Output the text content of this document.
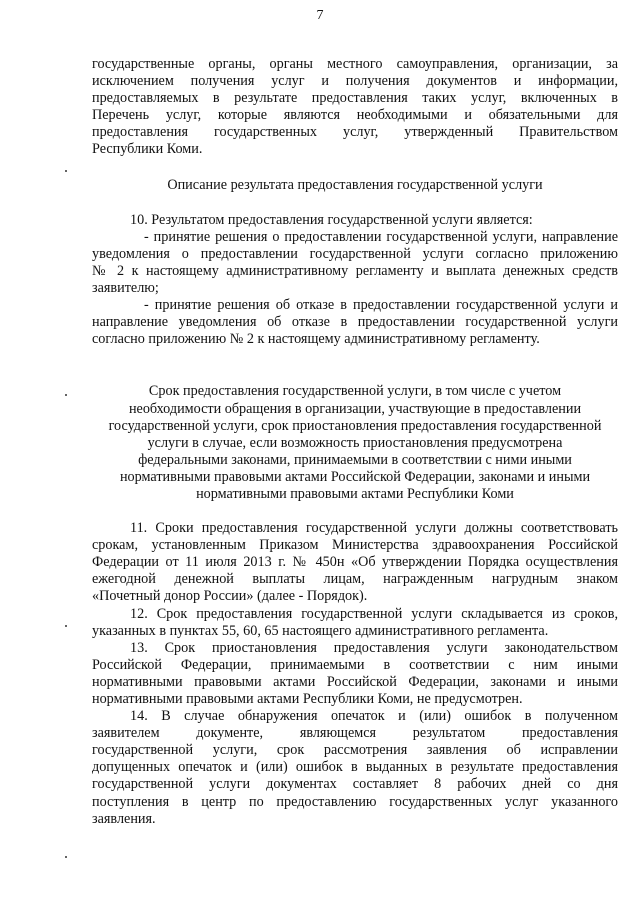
7

государственные органы, органы местного самоуправления, организации, за
исключением получения услуг и получения документов и информации,
предоставляемых в результате предоставления таких услуг, включенных в
Перечень услуг, которые являются необходимыми и обязательными для
предоставления государственных услуг, утвержденный Правительством
Республики Коми.

Описание результата предоставления государственной услуги

10. Результатом предоставления государственной услуги является:
- принятие решения о предоставлении государственной услуги, направление
уведомления о предоставлении государственной услуги согласно приложению
№ 2 к настоящему административному регламенту и выплата денежных средств
заявителю;
- принятие решения об отказе в предоставлении государственной услуги и
направление уведомления об отказе в предоставлении государственной услуги
согласно приложению № 2 к настоящему административному регламенту.

Срок предоставления государственной услуги, в том числе с учетом
необходимости обращения в организации, участвующие в предоставлении
государственной услуги, срок приостановления предоставления государственной
услуги в случае, если возможность приостановления предусмотрена
федеральными законами, принимаемыми в соответствии с ними иными
нормативными правовыми актами Российской Федерации, законами и иными
нормативными правовыми актами Республики Коми

11. Сроки предоставления государственной услуги должны соответствовать
срокам, установленным Приказом Министерства здравоохранения Российской
Федерации от 11 июля 2013 г. № 450н «Об утверждении Порядка осуществления
ежегодной денежной выплаты лицам, награжденным нагрудным знаком
«Почетный донор России» (далее - Порядок).

12. Срок предоставления государственной услуги складывается из сроков,
указанных в пунктах 55, 60, 65 настоящего административного регламента.

13. Срок приостановления предоставления услуги законодательством
Российской Федерации, принимаемыми в соответствии с ним иными
нормативными правовыми актами Российской Федерации, законами и иными
нормативными правовыми актами Республики Коми, не предусмотрен.

14. В случае обнаружения опечаток и (или) ошибок в полученном
заявителем документе, являющемся результатом предоставления
государственной услуги, срок рассмотрения заявления об исправлении
допущенных опечаток и (или) ошибок в выданных в результате предоставления
государственной услуги документах составляет 8 рабочих дней со дня
поступления в центр по предоставлению государственных услуг указанного
заявления.
